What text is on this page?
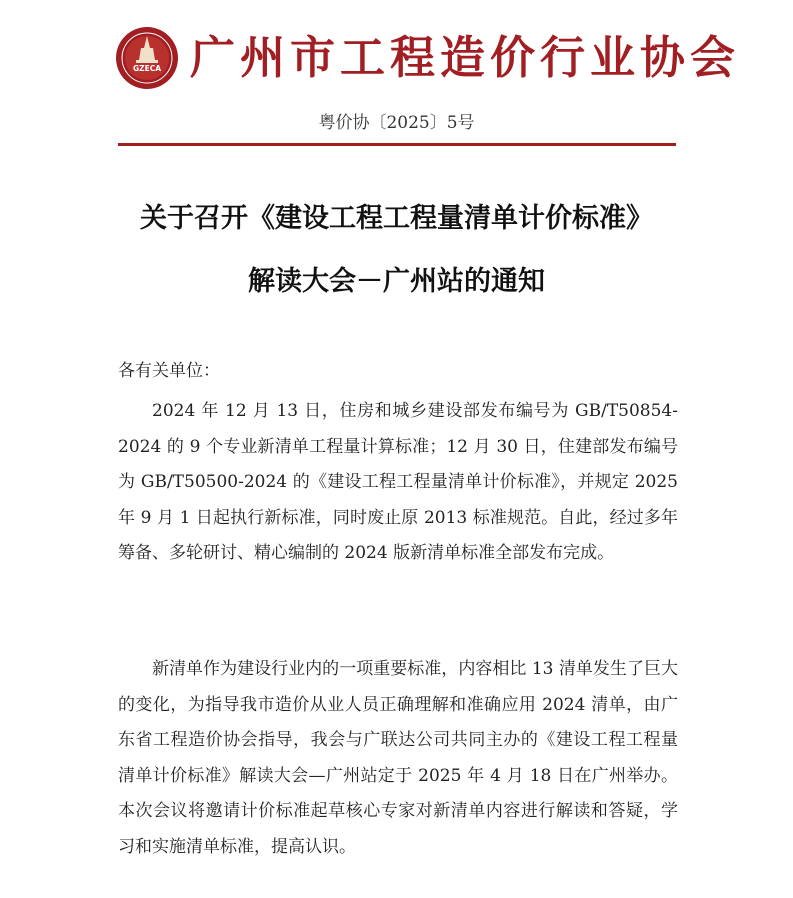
GZECA 广州市工程造价行业协会
粤价协〔2025〕5号
关于召开《建设工程工程量清单计价标准》
解读大会－广州站的通知
各有关单位：
2024 年 12 月 13 日，住房和城乡建设部发布编号为 GB/T50854-2024 的 9 个专业新清单工程量计算标准；12 月 30 日，住建部发布编号为 GB/T50500-2024 的《建设工程工程量清单计价标准》，并规定 2025 年 9 月 1 日起执行新标准，同时废止原 2013 标准规范。自此，经过多年筹备、多轮研讨、精心编制的 2024 版新清单标准全部发布完成。
新清单作为建设行业内的一项重要标准，内容相比 13 清单发生了巨大的变化，为指导我市造价从业人员正确理解和准确应用 2024 清单，由广东省工程造价协会指导，我会与广联达公司共同主办的《建设工程工程量清单计价标准》解读大会—广州站定于 2025 年 4 月 18 日在广州举办。本次会议将邀请计价标准起草核心专家对新清单内容进行解读和答疑，学习和实施清单标准，提高认识。
